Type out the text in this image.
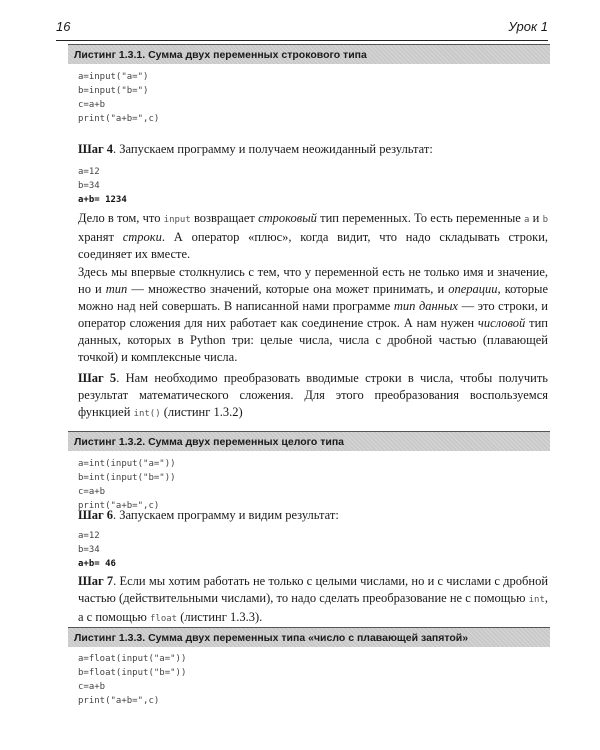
16	Урок 1
Листинг 1.3.1. Сумма двух переменных строкового типа
a=input("a=")
b=input("b=")
c=a+b
print("a+b=",c)
Шаг 4. Запускаем программу и получаем неожиданный результат:
a=12
b=34
a+b= 1234
Дело в том, что input возвращает строковый тип переменных. То есть переменные a и b хранят строки. А оператор «плюс», когда видит, что надо складывать строки, соединяет их вместе.
Здесь мы впервые столкнулись с тем, что у переменной есть не только имя и значение, но и тип — множество значений, которые она может принимать, и операции, которые можно над ней совершать. В написанной нами программе тип данных — это строки, и оператор сложения для них работает как соединение строк. А нам нужен числовой тип данных, которых в Python три: целые числа, числа с дробной частью (плавающей точкой) и комплексные числа.
Шаг 5. Нам необходимо преобразовать вводимые строки в числа, чтобы получить результат математического сложения. Для этого преобразования воспользуемся функцией int() (листинг 1.3.2)
Листинг 1.3.2. Сумма двух переменных целого типа
a=int(input("a="))
b=int(input("b="))
c=a+b
print("a+b=",c)
Шаг 6. Запускаем программу и видим результат:
a=12
b=34
a+b= 46
Шаг 7. Если мы хотим работать не только с целыми числами, но и с числами с дробной частью (действительными числами), то надо сделать преобразование не с помощью int, а с помощью float (листинг 1.3.3).
Листинг 1.3.3. Сумма двух переменных типа «число с плавающей запятой»
a=float(input("a="))
b=float(input("b="))
c=a+b
print("a+b=",c)
